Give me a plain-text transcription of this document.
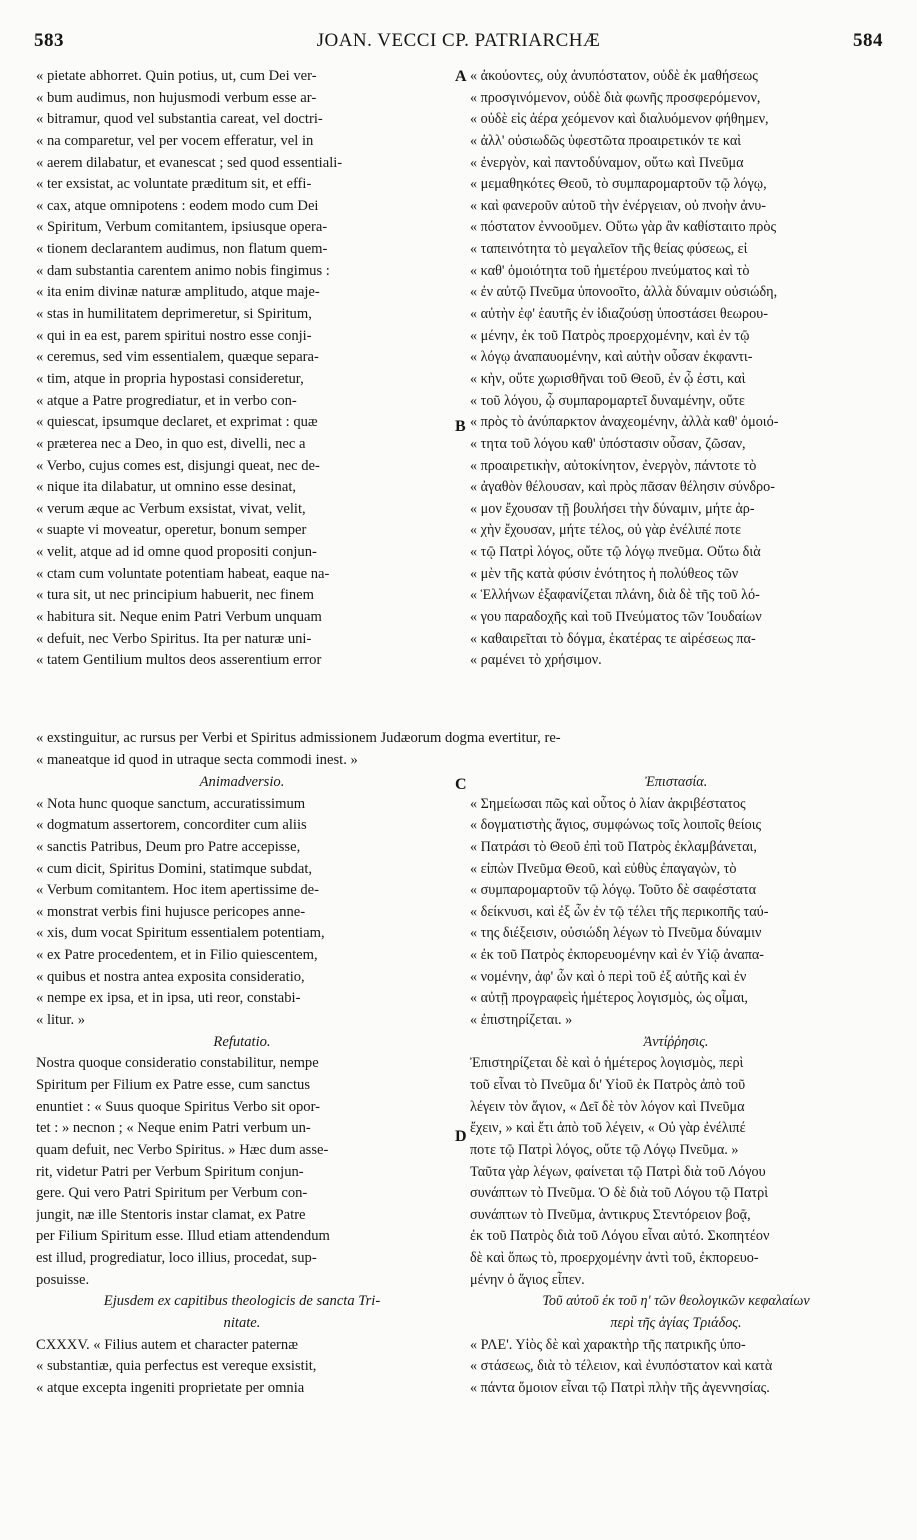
583	JOAN. VECCI CP. PATRIARCHÆ	584
A
B
C
D
« pietate abhorret. Quin potius, ut, cum Dei ver-
« bum audimus, non hujusmodi verbum esse ar-
« bitramur, quod vel substantia careat, vel doctri-
« na comparetur, vel per vocem efferatur, vel in
« aerem dilabatur, et evanescat ; sed quod essentiali-
« ter exsistat, ac voluntate præditum sit, et effi-
« cax, atque omnipotens : eodem modo cum Dei
« Spiritum, Verbum comitantem, ipsiusque opera-
« tionem declarantem audimus, non flatum quem-
« dam substantia carentem animo nobis fingimus :
« ita enim divinæ naturæ amplitudo, atque maje-
« stas in humilitatem deprimeretur, si Spiritum,
« qui in ea est, parem spiritui nostro esse conji-
« ceremus, sed vim essentialem, quæque separa-
« tim, atque in propria hypostasi consideretur,
« atque a Patre progrediatur, et in verbo con-
« quiescat, ipsumque declaret, et exprimat : quæ
« præterea nec a Deo, in quo est, divelli, nec a
« Verbo, cujus comes est, disjungi queat, nec de-
« nique ita dilabatur, ut omnino esse desinat,
« verum æque ac Verbum exsistat, vivat, velit,
« suapte vi moveatur, operetur, bonum semper
« velit, atque ad id omne quod propositi conjun-
« ctam cum voluntate potentiam habeat, eaque na-
« tura sit, ut nec principium habuerit, nec finem
« habitura sit. Neque enim Patri Verbum unquam
« defuit, nec Verbo Spiritus. Ita per naturæ uni-
« tatem Gentilium multos deos asserentium error
« ἀκούοντες, οὐχ ἀνυπόστατον, οὐδὲ ἐκ μαθήσεως
« προσγινόμενον, οὐδὲ διὰ φωνῆς προσφερόμενον,
« οὐδὲ εἰς ἀέρα χεόμενον καὶ διαλυόμενον φήθημεν,
« ἀλλ' οὐσιωδῶς ὑφεστῶτα προαιρετικόν τε καὶ
« ἐνεργὸν, καὶ παντοδύναμον, οὕτω καὶ Πνεῦμα
« μεμαθηκότες Θεοῦ, τὸ συμπαρομαρτοῦν τῷ λόγῳ,
« καὶ φανεροῦν αὐτοῦ τὴν ἐνέργειαν, οὐ πνοὴν ἀνυ-
« πόστατον ἐννοοῦμεν. Οὕτω γὰρ ἂν καθίσταιτο πρὸς
« ταπεινότητα τὸ μεγαλεῖον τῆς θείας φύσεως, εἰ
« καθ' ὁμοιότητα τοῦ ἡμετέρου πνεύματος καὶ τὸ
« ἐν αὐτῷ Πνεῦμα ὑπονοοῖτο, ἀλλὰ δύναμιν οὐσιώδη,
« αὐτὴν ἐφ' ἑαυτῆς ἐν ἰδιαζούσῃ ὑποστάσει θεωρου-
« μένην, ἐκ τοῦ Πατρὸς προερχομένην, καὶ ἐν τῷ
« λόγῳ ἀναπαυομένην, καὶ αὐτὴν οὖσαν ἐκφαντι-
« κὴν, οὔτε χωρισθῆναι τοῦ Θεοῦ, ἐν ᾧ ἐστι, καὶ
« τοῦ λόγου, ᾧ συμπαρομαρτεῖ δυναμένην, οὔτε
« πρὸς τὸ ἀνύπαρκτον ἀναχεομένην, ἀλλὰ καθ' ὁμοιό-
« τητα τοῦ λόγου καθ' ὑπόστασιν οὖσαν, ζῶσαν,
« προαιρετικὴν, αὐτοκίνητον, ἐνεργὸν, πάντοτε τὸ
« ἀγαθὸν θέλουσαν, καὶ πρὸς πᾶσαν θέλησιν σύνδρο-
« μον ἔχουσαν τῇ βουλήσει τὴν δύναμιν, μήτε ἀρ-
« χὴν ἔχουσαν, μήτε τέλος, οὐ γὰρ ἐνέλιπέ ποτε
« τῷ Πατρὶ λόγος, οὔτε τῷ λόγῳ πνεῦμα. Οὕτω διὰ
« μὲν τῆς κατὰ φύσιν ἑνότητος ἡ πολύθεος τῶν
« Ἑλλήνων ἐξαφανίζεται πλάνη, διὰ δὲ τῆς τοῦ λό-
« γου παραδοχῆς καὶ τοῦ Πνεύματος τῶν Ἰουδαίων
« καθαιρεῖται τὸ δόγμα, ἑκατέρας τε αἱρέσεως πα-
« ραμένει τὸ χρήσιμον.
« exstinguitur, ac rursus per Verbi et Spiritus admissionem Judæorum dogma evertitur, re-
« maneatque id quod in utraque secta commodi inest. »
Animadversio.
« Nota hunc quoque sanctum, accuratissimum
« dogmatum assertorem, concorditer cum aliis
« sanctis Patribus, Deum pro Patre accepisse,
« cum dicit, Spiritus Domini, statimque subdat,
« Verbum comitantem. Hoc item apertissime de-
« monstrat verbis fini hujusce pericopes anne-
« xis, dum vocat Spiritum essentialem potentiam,
« ex Patre procedentem, et in Filio quiescentem,
« quibus et nostra antea exposita consideratio,
« nempe ex ipsa, et in ipsa, uti reor, constabi-
« litur. »
Refutatio.
Nostra quoque consideratio constabilitur, nempe
Spiritum per Filium ex Patre esse, cum sanctus
enuntiet : « Suus quoque Spiritus Verbo sit opor-
tet : » necnon ; « Neque enim Patri verbum un-
quam defuit, nec Verbo Spiritus. » Hæc dum asse-
rit, videtur Patri per Verbum Spiritum conjun-
gere. Qui vero Patri Spiritum per Verbum con-
jungit, næ ille Stentoris instar clamat, ex Patre
per Filium Spiritum esse. Illud etiam attendendum
est illud, progrediatur, loco illius, procedat, sup-
posuisse.
Ejusdem ex capitibus theologicis de sancta Tri-
nitate.
CXXXV. « Filius autem et character paternæ
« substantiæ, quia perfectus est vereque exsistit,
« atque excepta ingeniti proprietate per omnia
Ἐπιστασία.
« Σημείωσαι πῶς καὶ οὗτος ὁ λίαν ἀκριβέστατος
« δογματιστὴς ἅγιος, συμφώνως τοῖς λοιποῖς θείοις
« Πατράσι τὸ Θεοῦ ἐπὶ τοῦ Πατρὸς ἐκλαμβάνεται,
« εἰπὼν Πνεῦμα Θεοῦ, καὶ εὐθὺς ἐπαγαγὼν, τὸ
« συμπαρομαρτοῦν τῷ λόγῳ. Τοῦτο δὲ σαφέστατα
« δείκνυσι, καὶ ἐξ ὧν ἐν τῷ τέλει τῆς περικοπῆς ταύ-
« της διέξεισιν, οὐσιώδη λέγων τὸ Πνεῦμα δύναμιν
« ἐκ τοῦ Πατρὸς ἐκπορευομένην καὶ ἐν Υἱῷ ἀναπα-
« νομένην, ἀφ' ὧν καὶ ὁ περὶ τοῦ ἐξ αὐτῆς καὶ ἐν
« αὐτῇ προγραφεὶς ἡμέτερος λογισμὸς, ὡς οἶμαι,
« ἐπιστηρίζεται. »
Ἀντίῤῥησις.
Ἐπιστηρίζεται δὲ καὶ ὁ ἡμέτερος λογισμὸς, περὶ
τοῦ εἶναι τὸ Πνεῦμα δι' Υἱοῦ ἐκ Πατρὸς ἀπὸ τοῦ
λέγειν τὸν ἅγιον, « Δεῖ δὲ τὸν λόγον καὶ Πνεῦμα
ἔχειν, » καὶ ἔτι ἀπὸ τοῦ λέγειν, « Οὐ γὰρ ἐνέλιπέ
ποτε τῷ Πατρὶ λόγος, οὔτε τῷ Λόγῳ Πνεῦμα. »
Ταῦτα γὰρ λέγων, φαίνεται τῷ Πατρὶ διὰ τοῦ Λόγου
συνάπτων τὸ Πνεῦμα. Ὁ δὲ διὰ τοῦ Λόγου τῷ Πατρὶ
συνάπτων τὸ Πνεῦμα, ἀντικρυς Στεντόρειον βοᾷ,
ἐκ τοῦ Πατρὸς διὰ τοῦ Λόγου εἶναι αὐτό. Σκοπητέον
δὲ καὶ ὅπως τὸ, προερχομένην ἀντὶ τοῦ, ἐκπορευο-
μένην ὁ ἅγιος εἶπεν.
Τοῦ αὐτοῦ ἐκ τοῦ η' τῶν θεολογικῶν κεφαλαίων
περὶ τῆς ἁγίας Τριάδος.
« ΡΛΕ'. Υἱὸς δὲ καὶ χαρακτὴρ τῆς πατρικῆς ὑπο-
« στάσεως, διὰ τὸ τέλειον, καὶ ἐνυπόστατον καὶ κατὰ
« πάντα ὅμοιον εἶναι τῷ Πατρὶ πλὴν τῆς ἀγεννησίας.
